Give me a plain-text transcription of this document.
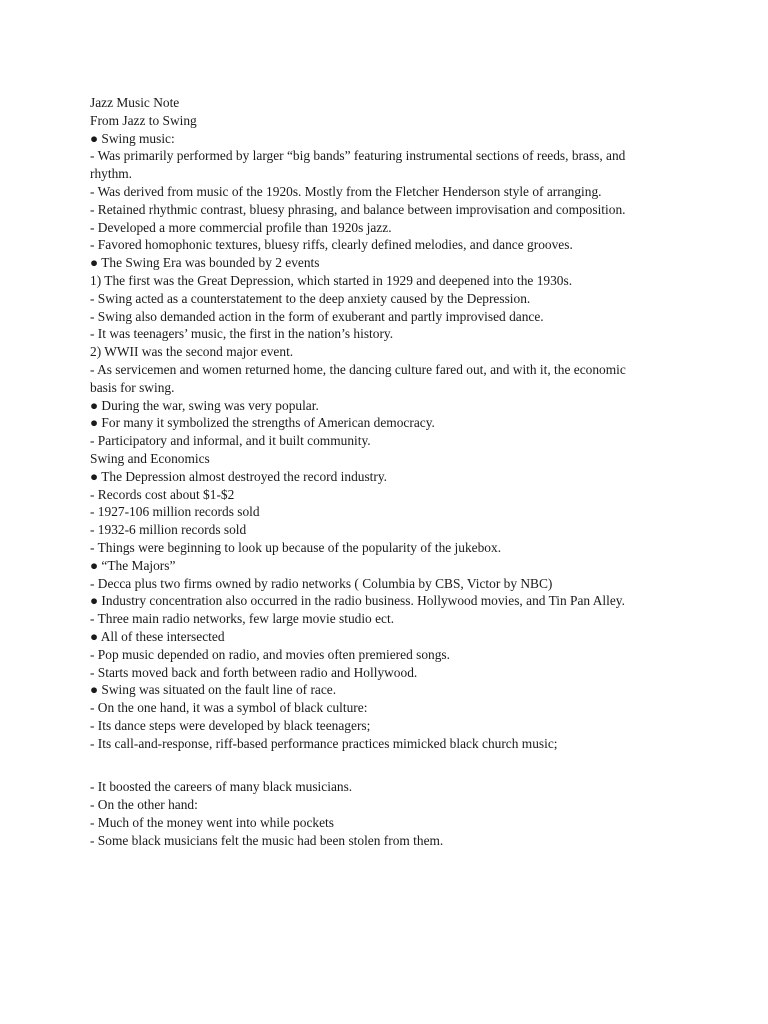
Jazz Music Note

From Jazz to Swing

● Swing music:

- Was primarily performed by larger “big bands” featuring instrumental sections of reeds, brass, and rhythm.

- Was derived from music of the 1920s. Mostly from the Fletcher Henderson style of arranging.

- Retained rhythmic contrast, bluesy phrasing, and balance between improvisation and composition.

- Developed a more commercial profile than 1920s jazz.

- Favored homophonic textures, bluesy riffs, clearly defined melodies, and dance grooves.

● The Swing Era was bounded by 2 events

1) The first was the Great Depression, which started in 1929 and deepened into the 1930s.

- Swing acted as a counterstatement to the deep anxiety caused by the Depression.

- Swing also demanded action in the form of exuberant and partly improvised dance.

- It was teenagers’ music, the first in the nation’s history.

2) WWII was the second major event.

- As servicemen and women returned home, the dancing culture fared out, and with it, the economic basis for swing.

● During the war, swing was very popular.

● For many it symbolized the strengths of American democracy.

- Participatory and informal, and it built community.

Swing and Economics

● The Depression almost destroyed the record industry.

- Records cost about $1-$2

- 1927-106 million records sold

- 1932-6 million records sold

- Things were beginning to look up because of the popularity of the jukebox.

● “The Majors”

- Decca plus two firms owned by radio networks ( Columbia by CBS, Victor by NBC)

● Industry concentration also occurred in the radio business. Hollywood movies, and Tin Pan Alley.

- Three main radio networks, few large movie studio ect.

● All of these intersected

- Pop music depended on radio, and movies often premiered songs.

- Starts moved back and forth between radio and Hollywood.

● Swing was situated on the fault line of race.

- On the one hand, it was a symbol of black culture:

- Its dance steps were developed by black teenagers;

- Its call-and-response, riff-based performance practices mimicked black church music;

- It boosted the careers of many black musicians.

- On the other hand:

- Much of the money went into while pockets

- Some black musicians felt the music had been stolen from them.
